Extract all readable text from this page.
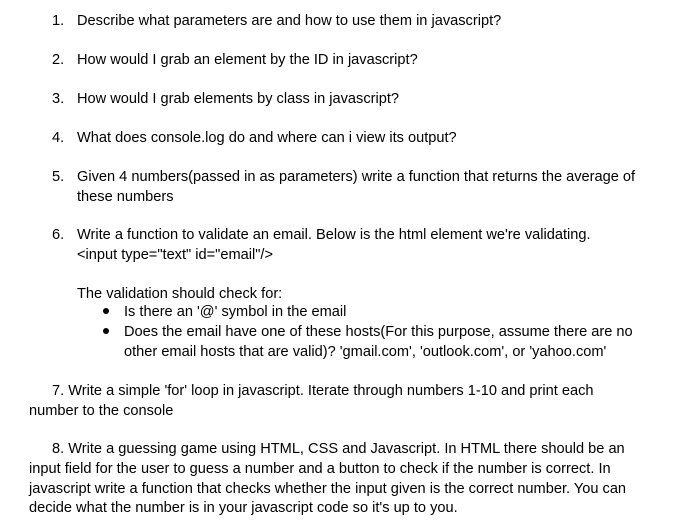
1. Describe what parameters are and how to use them in javascript?
2. How would I grab an element by the ID in javascript?
3. How would I grab elements by class in javascript?
4. What does console.log do and where can i view its output?
5. Given 4 numbers(passed in as parameters) write a function that returns the average of
these numbers
6. Write a function to validate an email. Below is the html element we're validating.
<input type="text" id="email"/>
The validation should check for:
Is there an '@' symbol in the email
Does the email have one of these hosts(For this purpose, assume there are no
other email hosts that are valid)? 'gmail.com', 'outlook.com', or 'yahoo.com'
7. Write a simple 'for' loop in javascript. Iterate through numbers 1-10 and print each
number to the console
8. Write a guessing game using HTML, CSS and Javascript. In HTML there should be an
input field for the user to guess a number and a button to check if the number is correct. In
javascript write a function that checks whether the input given is the correct number. You can
decide what the number is in your javascript code so it's up to you.
